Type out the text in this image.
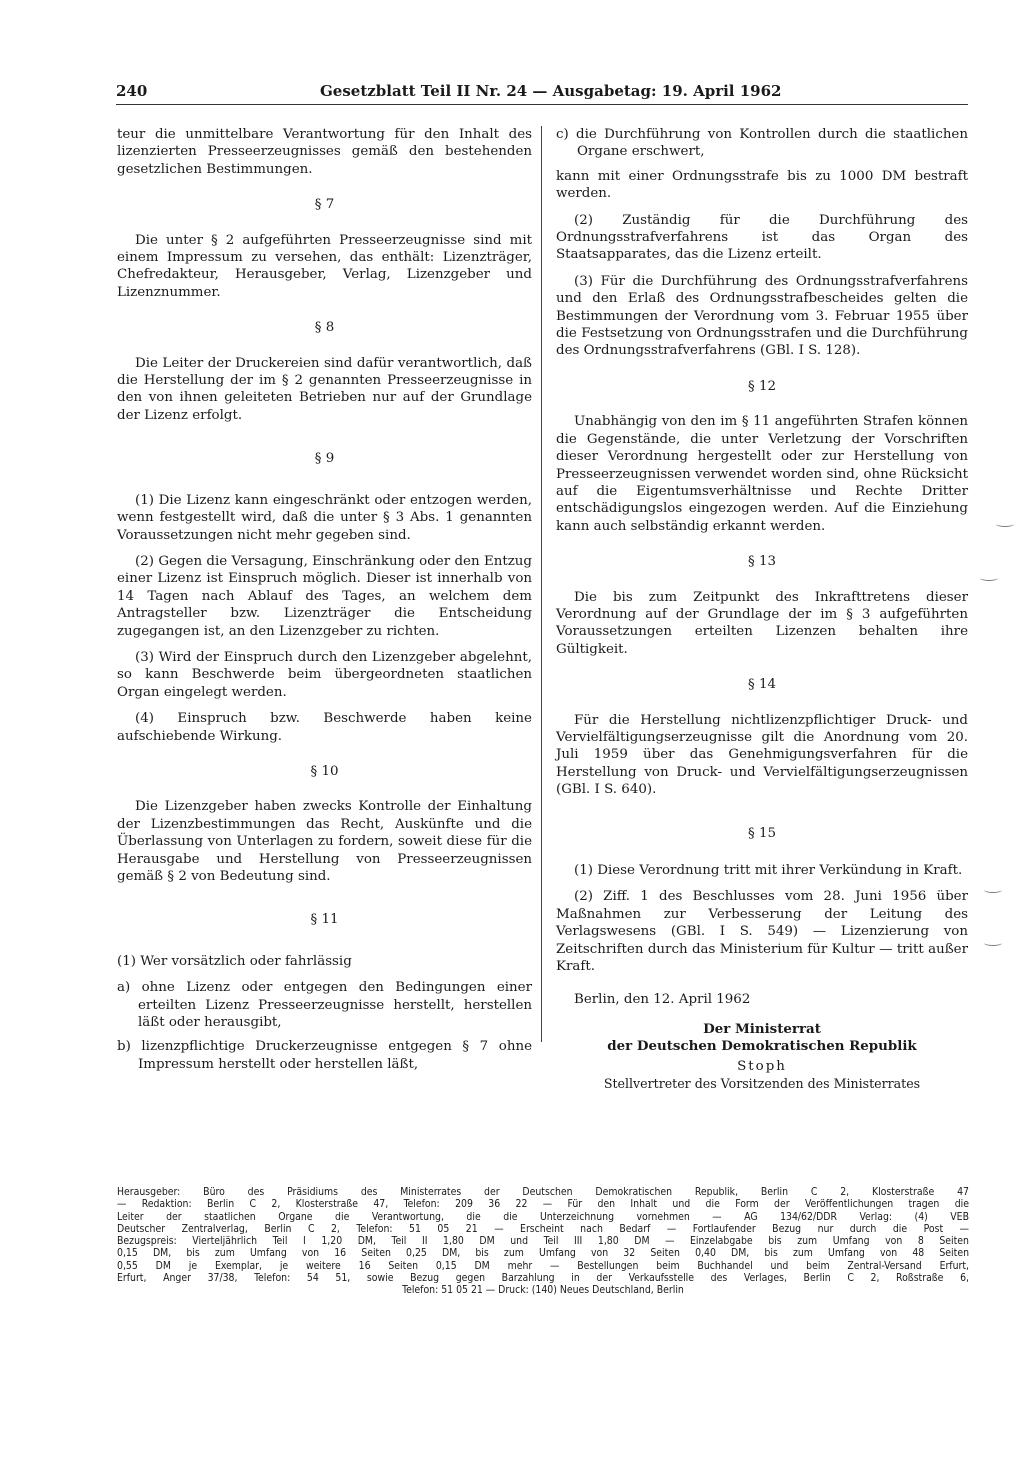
240	Gesetzblatt Teil II Nr. 24 — Ausgabetag: 19. April 1962

teur die unmittelbare Verantwortung für den Inhalt des lizenzierten Presseerzeugnisses gemäß den bestehenden gesetzlichen Bestimmungen.

§ 7

Die unter § 2 aufgeführten Presseerzeugnisse sind mit einem Impressum zu versehen, das enthält: Lizenzträger, Chefredakteur, Herausgeber, Verlag, Lizenzgeber und Lizenznummer.

§ 8

Die Leiter der Druckereien sind dafür verantwortlich, daß die Herstellung der im § 2 genannten Presseerzeugnisse in den von ihnen geleiteten Betrieben nur auf der Grundlage der Lizenz erfolgt.

§ 9

(1) Die Lizenz kann eingeschränkt oder entzogen werden, wenn festgestellt wird, daß die unter § 3 Abs. 1 genannten Voraussetzungen nicht mehr gegeben sind.

(2) Gegen die Versagung, Einschränkung oder den Entzug einer Lizenz ist Einspruch möglich. Dieser ist innerhalb von 14 Tagen nach Ablauf des Tages, an welchem dem Antragsteller bzw. Lizenzträger die Entscheidung zugegangen ist, an den Lizenzgeber zu richten.

(3) Wird der Einspruch durch den Lizenzgeber abgelehnt, so kann Beschwerde beim übergeordneten staatlichen Organ eingelegt werden.

(4) Einspruch bzw. Beschwerde haben keine aufschiebende Wirkung.

§ 10

Die Lizenzgeber haben zwecks Kontrolle der Einhaltung der Lizenzbestimmungen das Recht, Auskünfte und die Überlassung von Unterlagen zu fordern, soweit diese für die Herausgabe und Herstellung von Presseerzeugnissen gemäß § 2 von Bedeutung sind.

§ 11

(1) Wer vorsätzlich oder fahrlässig

a) ohne Lizenz oder entgegen den Bedingungen einer erteilten Lizenz Presseerzeugnisse herstellt, herstellen läßt oder herausgibt,

b) lizenzpflichtige Druckerzeugnisse entgegen § 7 ohne Impressum herstellt oder herstellen läßt,

c) die Durchführung von Kontrollen durch die staatlichen Organe erschwert,

kann mit einer Ordnungsstrafe bis zu 1000 DM bestraft werden.

(2) Zuständig für die Durchführung des Ordnungsstrafverfahrens ist das Organ des Staatsapparates, das die Lizenz erteilt.

(3) Für die Durchführung des Ordnungsstrafverfahrens und den Erlaß des Ordnungsstrafbescheides gelten die Bestimmungen der Verordnung vom 3. Februar 1955 über die Festsetzung von Ordnungsstrafen und die Durchführung des Ordnungsstrafverfahrens (GBl. I S. 128).

§ 12

Unabhängig von den im § 11 angeführten Strafen können die Gegenstände, die unter Verletzung der Vorschriften dieser Verordnung hergestellt oder zur Herstellung von Presseerzeugnissen verwendet worden sind, ohne Rücksicht auf die Eigentumsverhältnisse und Rechte Dritter entschädigungslos eingezogen werden. Auf die Einziehung kann auch selbständig erkannt werden.

§ 13

Die bis zum Zeitpunkt des Inkrafttretens dieser Verordnung auf der Grundlage der im § 3 aufgeführten Voraussetzungen erteilten Lizenzen behalten ihre Gültigkeit.

§ 14

Für die Herstellung nichtlizenzpflichtiger Druck- und Vervielfältigungserzeugnisse gilt die Anordnung vom 20. Juli 1959 über das Genehmigungsverfahren für die Herstellung von Druck- und Vervielfältigungserzeugnissen (GBl. I S. 640).

§ 15

(1) Diese Verordnung tritt mit ihrer Verkündung in Kraft.

(2) Ziff. 1 des Beschlusses vom 28. Juni 1956 über Maßnahmen zur Verbesserung der Leitung des Verlagswesens (GBl. I S. 549) — Lizenzierung von Zeitschriften durch das Ministerium für Kultur — tritt außer Kraft.

Berlin, den 12. April 1962

Der Ministerrat

der Deutschen Demokratischen Republik

Stoph

Stellvertreter des Vorsitzenden des Ministerrates

Herausgeber: Büro des Präsidiums des Ministerrates der Deutschen Demokratischen Republik, Berlin C 2, Klosterstraße 47

— Redaktion: Berlin C 2, Klosterstraße 47, Telefon: 209 36 22 — Für den Inhalt und die Form der Veröffentlichungen tragen die

Leiter der staatlichen Organe die Verantwortung, die die Unterzeichnung vornehmen — AG 134/62/DDR Verlag: (4) VEB

Deutscher Zentralverlag, Berlin C 2, Telefon: 51 05 21 — Erscheint nach Bedarf — Fortlaufender Bezug nur durch die Post —

Bezugspreis: Vierteljährlich Teil I 1,20 DM, Teil II 1,80 DM und Teil III 1,80 DM — Einzelabgabe bis zum Umfang von 8 Seiten

0,15 DM, bis zum Umfang von 16 Seiten 0,25 DM, bis zum Umfang von 32 Seiten 0,40 DM, bis zum Umfang von 48 Seiten

0,55 DM je Exemplar, je weitere 16 Seiten 0,15 DM mehr — Bestellungen beim Buchhandel und beim Zentral-Versand Erfurt,

Erfurt, Anger 37/38, Telefon: 54 51, sowie Bezug gegen Barzahlung in der Verkaufsstelle des Verlages, Berlin C 2, Roßstraße 6,

Telefon: 51 05 21 — Druck: (140) Neues Deutschland, Berlin
